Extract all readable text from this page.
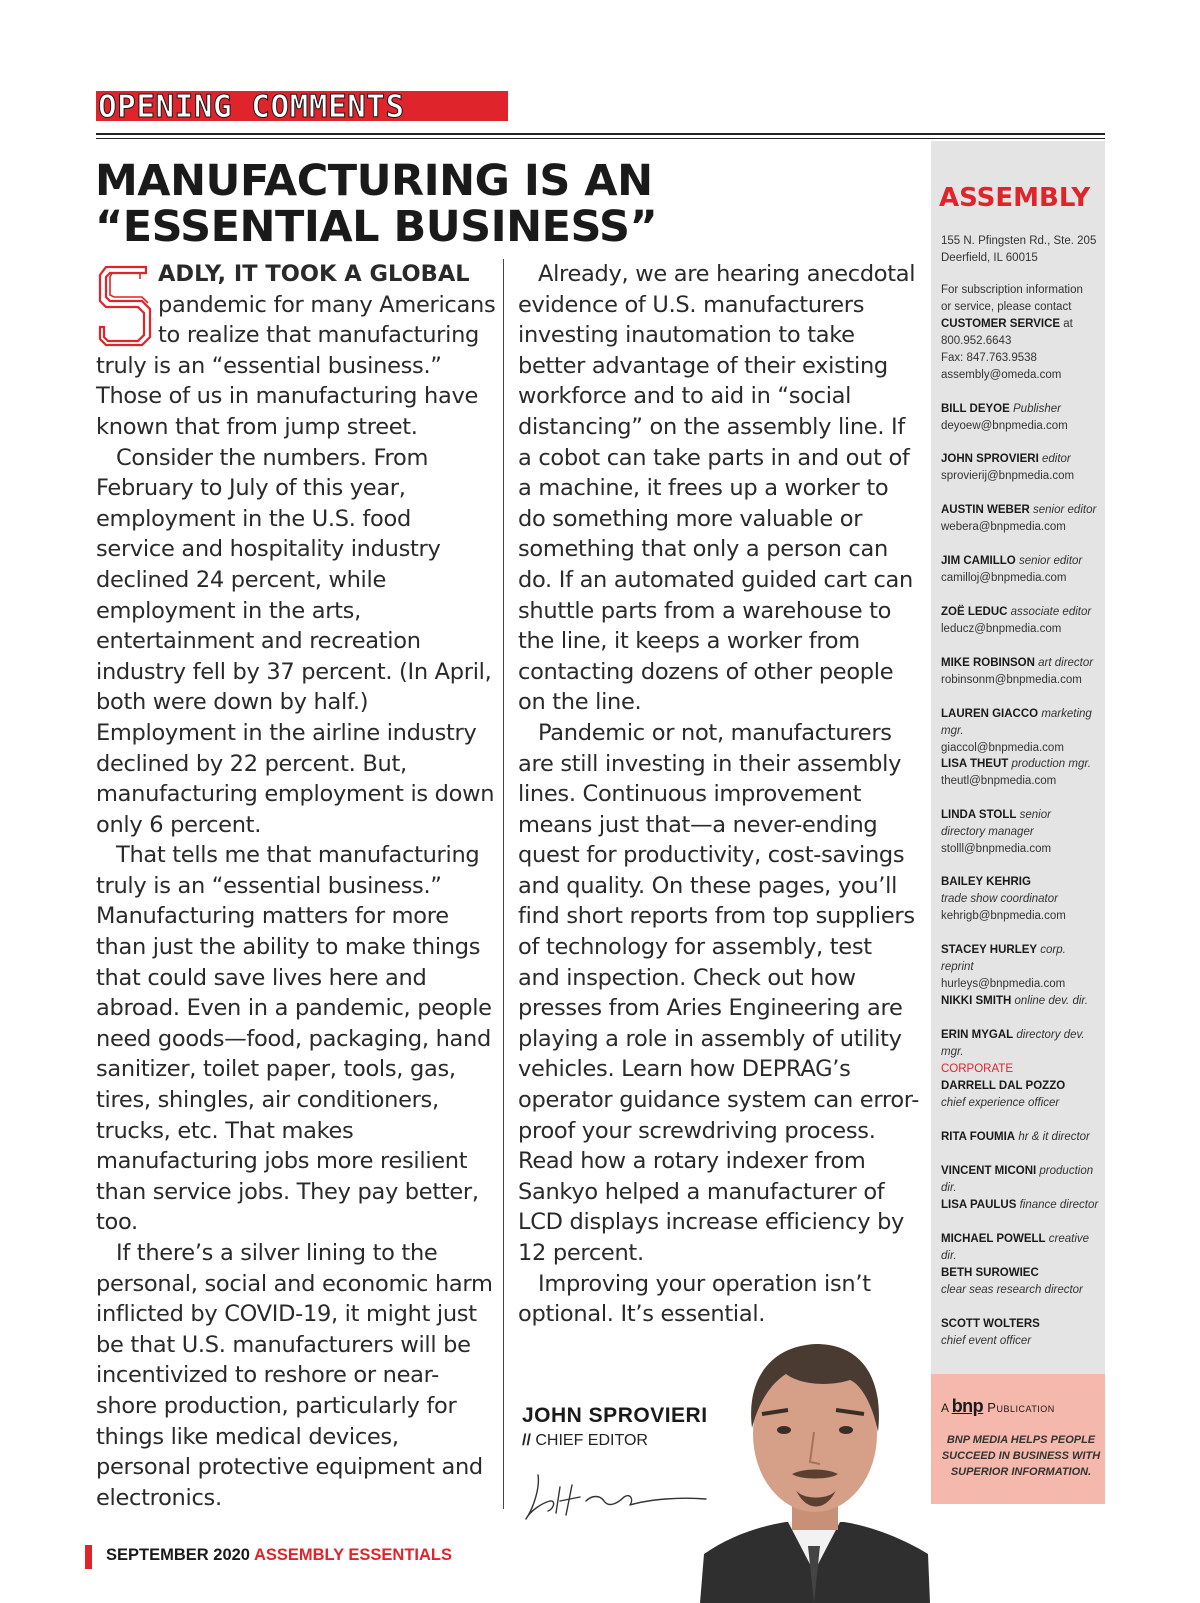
OPENING COMMENTS
MANUFACTURING IS AN
“ESSENTIAL BUSINESS”

ADLY, IT TOOK A GLOBAL pandemic for many Americans to realize that manufacturing truly is an “essential business.” Those of us in manufacturing have known that from jump street.

Consider the numbers. From February to July of this year, employment in the U.S. food service and hospitality industry declined 24 percent, while employment in the arts, entertainment and recreation industry fell by 37 percent. (In April, both were down by half.) Employment in the airline industry declined by 22 percent. But, manufacturing employment is down only 6 percent.

That tells me that manufacturing truly is an “essential business.” Manufacturing matters for more than just the ability to make things that could save lives here and abroad. Even in a pandemic, people need goods—food, packaging, hand sanitizer, toilet paper, tools, gas, tires, shingles, air conditioners, trucks, etc. That makes manufacturing jobs more resilient than service jobs. They pay better, too.

If there’s a silver lining to the personal, social and economic harm inflicted by COVID-19, it might just be that U.S. manufacturers will be incentivized to reshore or near-shore production, particularly for things like medical devices, personal protective equipment and electronics.

Already, we are hearing anecdotal evidence of U.S. manufacturers investing inautomation to take better advantage of their existing workforce and to aid in “social distancing” on the assembly line. If a cobot can take parts in and out of a machine, it frees up a worker to do something more valuable or something that only a person can do. If an automated guided cart can shuttle parts from a warehouse to the line, it keeps a worker from contacting dozens of other people on the line.

Pandemic or not, manufacturers are still investing in their assembly lines. Continuous improvement means just that—a never-ending quest for productivity, cost-savings and quality. On these pages, you’ll find short reports from top suppliers of technology for assembly, test and inspection. Check out how presses from Aries Engineering are playing a role in assembly of utility vehicles. Learn how DEPRAG’s operator guidance system can error-proof your screwdriving process. Read how a rotary indexer from Sankyo helped a manufacturer of LCD displays increase efficiency by 12 percent.

Improving your operation isn’t optional. It’s essential.

JOHN SPROVIERI

// CHIEF EDITOR

ASSEMBLY

155 N. Pfingsten Rd., Ste. 205

Deerfield, IL 60015

For subscription information

or service, please contact

CUSTOMER SERVICE at

800.952.6643

Fax: 847.763.9538

assembly@omeda.com

BILL DEYOE Publisher

deyoew@bnpmedia.com

JOHN SPROVIERI editor

sprovierij@bnpmedia.com

AUSTIN WEBER senior editor

webera@bnpmedia.com

JIM CAMILLO senior editor

camilloj@bnpmedia.com

ZOË LEDUC associate editor

leducz@bnpmedia.com

MIKE ROBINSON art director

robinsonm@bnpmedia.com

LAUREN GIACCO marketing mgr.

giaccol@bnpmedia.com

LISA THEUT production mgr.

theutl@bnpmedia.com

LINDA STOLL senior

directory manager

stolll@bnpmedia.com

BAILEY KEHRIG

trade show coordinator

kehrigb@bnpmedia.com

STACEY HURLEY corp. reprint

hurleys@bnpmedia.com

NIKKI SMITH online dev. dir.

ERIN MYGAL directory dev. mgr.

CORPORATE

DARRELL DAL POZZO

chief experience officer

RITA FOUMIA hr & it director

VINCENT MICONI production dir.

LISA PAULUS finance director

MICHAEL POWELL creative dir.

BETH SUROWIEC

clear seas research director

SCOTT WOLTERS

chief event officer

A bnp Publication

BNP MEDIA HELPS PEOPLE SUCCEED IN BUSINESS WITH SUPERIOR INFORMATION.

SEPTEMBER 2020 ASSEMBLY ESSENTIALS
